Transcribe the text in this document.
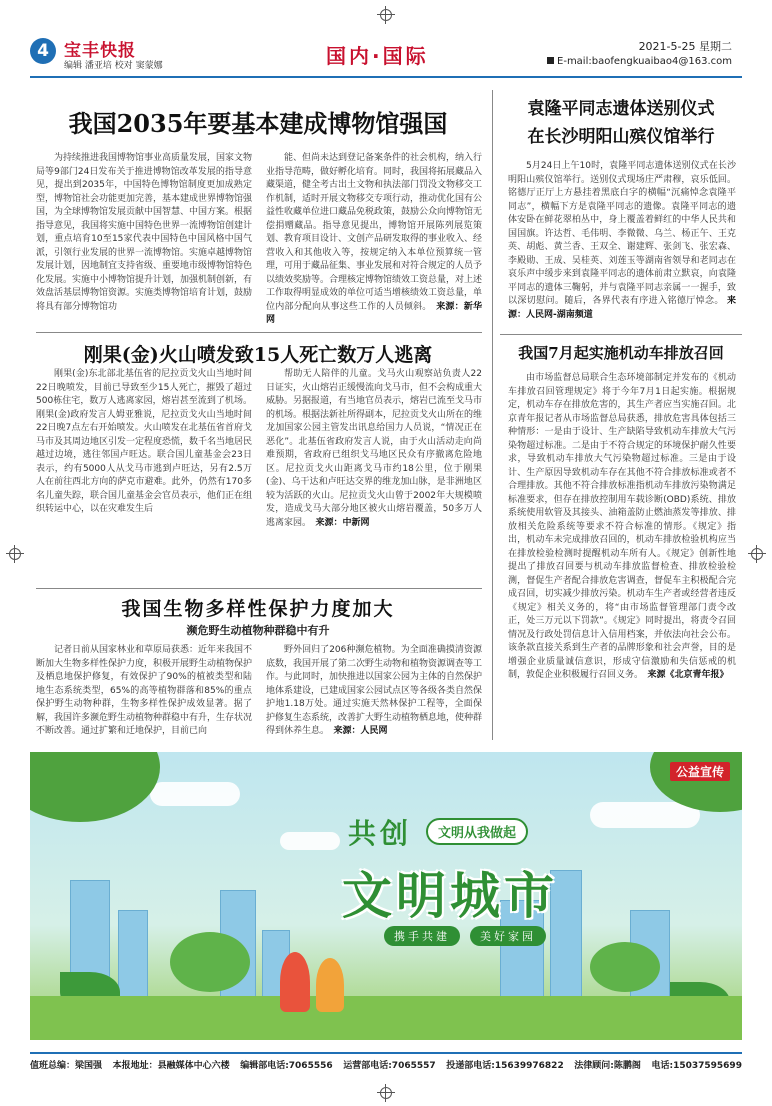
4 宝丰快报
编辑 潘亚培 校对 窦蒙娜	国内·国际	2021-5-25 星期二
E-mail:baofengkuaibao4@163.com
我国2035年要基本建成博物馆强国

为持续推进我国博物馆事业高质量发展，国家文物局等9部门24日发布关于推进博物馆改革发展的指导意见，提出到2035年，中国特色博物馆制度更加成熟定型，博物馆社会功能更加完善，基本建成世界博物馆强国，为全球博物馆发展贡献中国智慧、中国方案。根据指导意见，我国将实施中国特色世界一流博物馆创建计划，重点培育10至15家代表中国特色中国风格中国气派，引领行业发展的世界一流博物馆。实施卓越博物馆发展计划，因地制宜支持省级、重要地市级博物馆特色化发展。实施中小博物馆提升计划，加强机制创新，有效盘活基层博物馆资源。实施类博物馆培育计划，鼓励将具有部分博物馆功

能、但尚未达到登记备案条件的社会机构，纳入行业指导范畴，做好孵化培育。同时，我国将拓展藏品入藏渠道，健全考古出土文物和执法部门罚没文物移交工作机制，适时开展文物移交专项行动，推动优化国有公益性收藏单位进口藏品免税政策，鼓励公众向博物馆无偿捐赠藏品。指导意见提出，博物馆开展陈列展览策划、教育项目设计、文创产品研发取得的事业收入、经营收入和其他收入等，按规定纳入本单位预算统一管理，可用于藏品征集、事业发展和对符合规定的人员予以绩效奖励等。合理核定博物馆绩效工资总量，对上述工作取得明显成效的单位可适当增核绩效工资总量，单位内部分配向从事这些工作的人员倾斜。　 来源：新华网

刚果(金)火山喷发致15人死亡数万人逃离

刚果(金)东北部北基伍省的尼拉贡戈火山当地时间22日晚喷发，目前已导致至少15人死亡，摧毁了超过500栋住宅，数万人逃离家园，熔岩甚至流到了机场。刚果(金)政府发言人姆亚雅说，尼拉贡戈火山当地时间22日晚7点左右开始喷发。火山喷发在北基伍省首府戈马市及其周边地区引发一定程度恐慌，数千名当地居民越过边境，逃往邻国卢旺达。联合国儿童基金会23日表示，约有5000人从戈马市逃到卢旺达，另有2.5万人在前往西北方向的萨克市避难。此外，仍然有170多名儿童失踪，联合国儿童基金会官员表示，他们正在组织转运中心，以在灾难发生后

帮助无人陪伴的儿童。戈马火山观察站负责人22日证实，火山熔岩正缓慢流向戈马市，但不会构成重大威胁。另据报道，有当地官员表示，熔岩已流至戈马市的机场。根据法新社所得副本，尼拉贡戈火山所在的维龙加国家公园主管发出讯息给国力人员说，“情况正在恶化”。北基伍省政府发言人说，由于火山活动走向尚难预期，省政府已组织戈马地区民众有序撤离危险地区。尼拉贡戈火山距离戈马市约18公里，位于刚果(金)、乌干达和卢旺达交界的维龙加山脉，是非洲地区较为活跃的火山。尼拉贡戈火山曾于2002年大规模喷发，造成戈马大部分地区被火山熔岩覆盖，50多万人逃离家园。　 来源：中新网

我国生物多样性保护力度加大
濒危野生动植物种群稳中有升

记者日前从国家林业和草原局获悉：近年来我国不断加大生物多样性保护力度，积极开展野生动植物保护及栖息地保护修复，有效保护了90%的植被类型和陆地生态系统类型，65%的高等植物群落和85%的重点保护野生动物种群，生物多样性保护成效显著。据了解，我国许多濒危野生动植物种群稳中有升，生存状况不断改善。通过扩繁和迁地保护，目前已向

野外回归了206种濒危植物。为全面准确摸清资源底数，我国开展了第二次野生动物和植物资源调查等工作。与此同时，加快推进以国家公园为主体的自然保护地体系建设，已建成国家公园试点区等各级各类自然保护地1.18万处。通过实施天然林保护工程等，全面保护修复生态系统，改善扩大野生动植物栖息地，使种群得到休养生息。　 来源：人民网

袁隆平同志遗体送别仪式
在长沙明阳山殡仪馆举行

5月24日上午10时，袁隆平同志遗体送别仪式在长沙明阳山殡仪馆举行。送别仪式现场庄严肃穆，哀乐低回。铭德厅正厅上方悬挂着黑底白字的横幅“沉痛悼念袁隆平同志”，横幅下方是袁隆平同志的遗像。袁隆平同志的遗体安卧在鲜花翠柏丛中，身上覆盖着鲜红的中华人民共和国国旗。许达哲、毛伟明、李微微、乌兰、杨正午、王克英、胡彪、黄兰香、王双全、谢建辉、张剑飞、张宏森、李殿勋、王成、吴桂英、刘莲玉等湖南省领导和老同志在哀乐声中缓步来到袁隆平同志的遗体前肃立默哀，向袁隆平同志的遗体三鞠躬，并与袁隆平同志亲属一一握手，致以深切慰问。随后，各界代表有序进入铭德厅悼念。 来源：人民网-湖南频道

我国7月起实施机动车排放召回

由市场监督总局联合生态环境部制定并发布的《机动车排放召回管理规定》将于今年7月1日起实施。根据规定，机动车存在排放危害的，其生产者应当实施召回。北京青年报记者从市场监督总局获悉，排放危害具体包括三种情形：一是由于设计、生产缺陷导致机动车排放大气污染物超过标准。二是由于不符合规定的环境保护耐久性要求，导致机动车排放大气污染物超过标准。三是由于设计、生产原因导致机动车存在其他不符合排放标准或者不合理排放。其他不符合排放标准指机动车排放污染物满足标准要求，但存在排放控制用车载诊断(OBD)系统、排放系统使用软管及其接头、油箱盖防止燃油蒸发等排放、排放相关危险系统等要求不符合标准的情形。《规定》指出，机动车未完成排放召回的，机动车排放检验机构应当在排放检验检测时提醒机动车所有人。《规定》创新性地提出了排放召回要与机动车排放监督检查、排放检验检测，督促生产者配合排放危害调查，督促车主积极配合完成召回，切实减少排放污染。机动车生产者或经营者违反《规定》相关义务的，将“由市场监督管理部门责令改正，处三万元以下罚款”。《规定》同时提出，将责令召回情况及行政处罚信息计入信用档案，并依法向社会公布。该条款直接关系到生产者的品牌形象和社会声誉，目的是增强企业质量诚信意识，形成守信激励和失信惩戒的机制，敦促企业积极履行召回义务。　 来源《北京青年报》

公益宣传
共创	文明从我做起
文明城市
携手共建	美好家园
值班总编：梁国强 本报地址：县融媒体中心六楼 编辑部电话:7065556 运营部电话:7065557 投递部电话:15639976822 法律顾问:陈鹏阁 电话:15037595699
